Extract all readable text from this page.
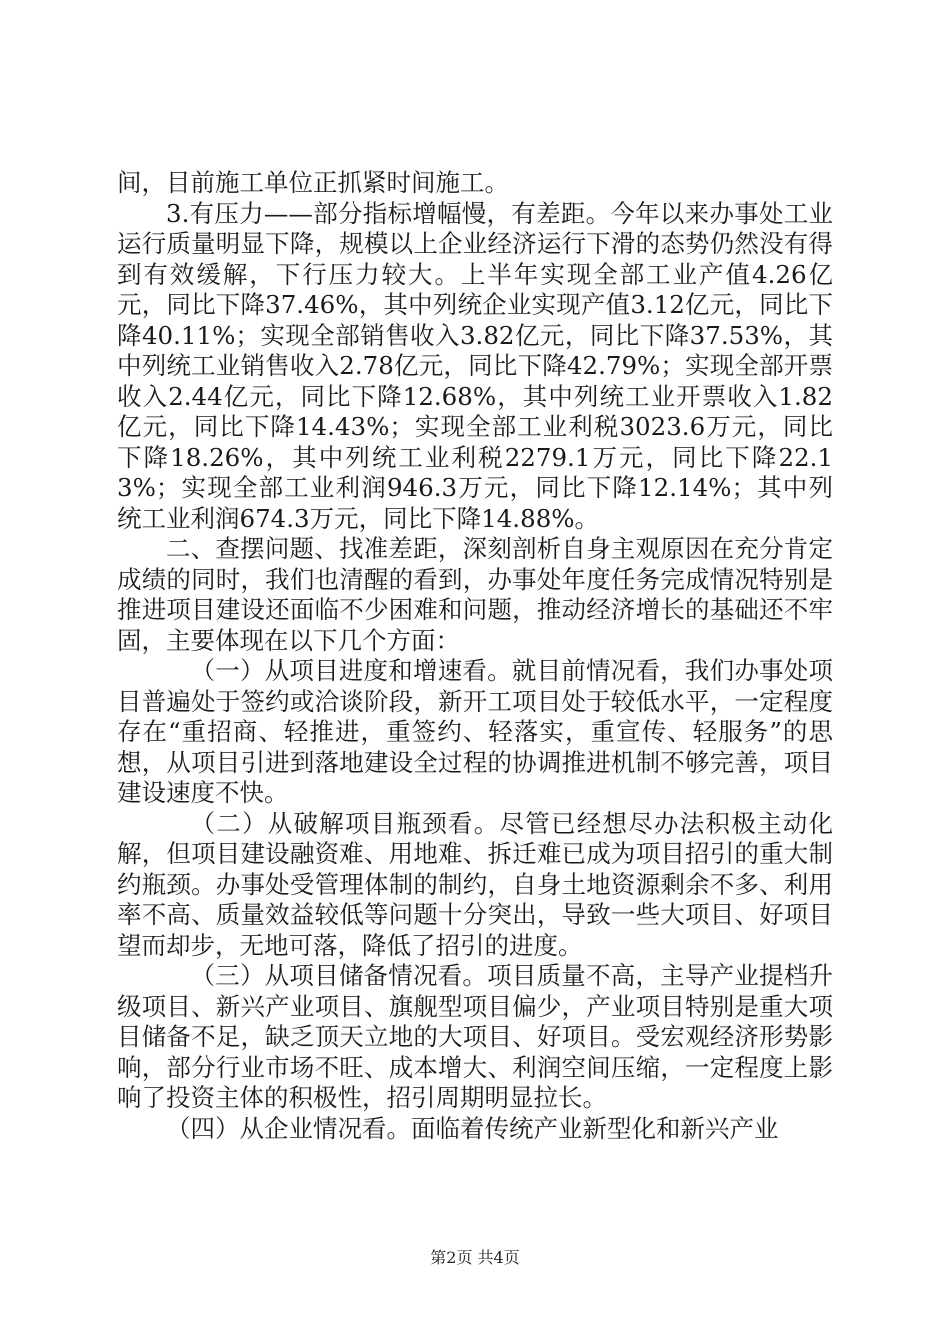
间，目前施工单位正抓紧时间施工。

3.有压力——部分指标增幅慢，有差距。今年以来办事处工业运行质量明显下降，规模以上企业经济运行下滑的态势仍然没有得到有效缓解，下行压力较大。上半年实现全部工业产值4.26亿元，同比下降37.46%，其中列统企业实现产值3.12亿元，同比下降40.11%；实现全部销售收入3.82亿元，同比下降37.53%，其中列统工业销售收入2.78亿元，同比下降42.79%；实现全部开票收入2.44亿元，同比下降12.68%，其中列统工业开票收入1.82亿元，同比下降14.43%；实现全部工业利税3023.6万元，同比下降18.26%，其中列统工业利税2279.1万元，同比下降22.13%；实现全部工业利润946.3万元，同比下降12.14%；其中列统工业利润674.3万元，同比下降14.88%。

二、查摆问题、找准差距，深刻剖析自身主观原因在充分肯定成绩的同时，我们也清醒的看到，办事处年度任务完成情况特别是推进项目建设还面临不少困难和问题，推动经济增长的基础还不牢固，主要体现在以下几个方面：

（一）从项目进度和增速看。就目前情况看，我们办事处项目普遍处于签约或洽谈阶段，新开工项目处于较低水平，一定程度存在“重招商、轻推进，重签约、轻落实，重宣传、轻服务”的思想，从项目引进到落地建设全过程的协调推进机制不够完善，项目建设速度不快。

（二）从破解项目瓶颈看。尽管已经想尽办法积极主动化解，但项目建设融资难、用地难、拆迁难已成为项目招引的重大制约瓶颈。办事处受管理体制的制约，自身土地资源剩余不多、利用率不高、质量效益较低等问题十分突出，导致一些大项目、好项目望而却步，无地可落，降低了招引的进度。

（三）从项目储备情况看。项目质量不高，主导产业提档升级项目、新兴产业项目、旗舰型项目偏少，产业项目特别是重大项目储备不足，缺乏顶天立地的大项目、好项目。受宏观经济形势影响，部分行业市场不旺、成本增大、利润空间压缩，一定程度上影响了投资主体的积极性，招引周期明显拉长。

（四）从企业情况看。面临着传统产业新型化和新兴产业

第2页 共4页
